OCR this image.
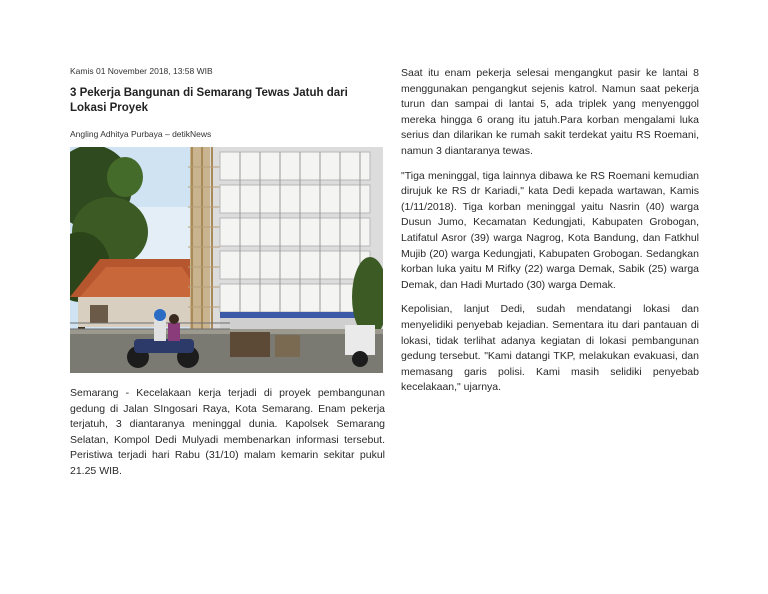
Kamis 01 November 2018, 13:58 WIB
3 Pekerja Bangunan di Semarang Tewas Jatuh dari Lokasi Proyek
Angling Adhitya Purbaya – detikNews

Semarang - Kecelakaan kerja terjadi di proyek pembangunan gedung di Jalan SIngosari Raya, Kota Semarang. Enam pekerja terjatuh, 3 diantaranya meninggal dunia. Kapolsek Semarang Selatan, Kompol Dedi Mulyadi membenarkan informasi tersebut. Peristiwa terjadi hari Rabu (31/10) malam kemarin sekitar pukul 21.25 WIB.

Saat itu enam pekerja selesai mengangkut pasir ke lantai 8 menggunakan pengangkut sejenis katrol. Namun saat pekerja turun dan sampai di lantai 5, ada triplek yang menyenggol mereka hingga 6 orang itu jatuh.Para korban mengalami luka serius dan dilarikan ke rumah sakit terdekat yaitu RS Roemani, namun 3 diantaranya tewas.

"Tiga meninggal, tiga lainnya dibawa ke RS Roemani kemudian dirujuk ke RS dr Kariadi," kata Dedi kepada wartawan, Kamis (1/11/2018). Tiga korban meninggal yaitu Nasrin (40) warga Dusun Jumo, Kecamatan Kedungjati, Kabupaten Grobogan, Latifatul Asror (39) warga Nagrog, Kota Bandung, dan Fatkhul Mujib (20) warga Kedungjati, Kabupaten Grobogan. Sedangkan korban luka yaitu M Rifky (22) warga Demak, Sabik (25) warga Demak, dan Hadi Murtado (30) warga Demak.

Kepolisian, lanjut Dedi, sudah mendatangi lokasi dan menyelidiki penyebab kejadian. Sementara itu dari pantauan di lokasi, tidak terlihat adanya kegiatan di lokasi pembangunan gedung tersebut. "Kami datangi TKP, melakukan evakuasi, dan memasang garis polisi. Kami masih selidiki penyebab kecelakaan," ujarnya.
